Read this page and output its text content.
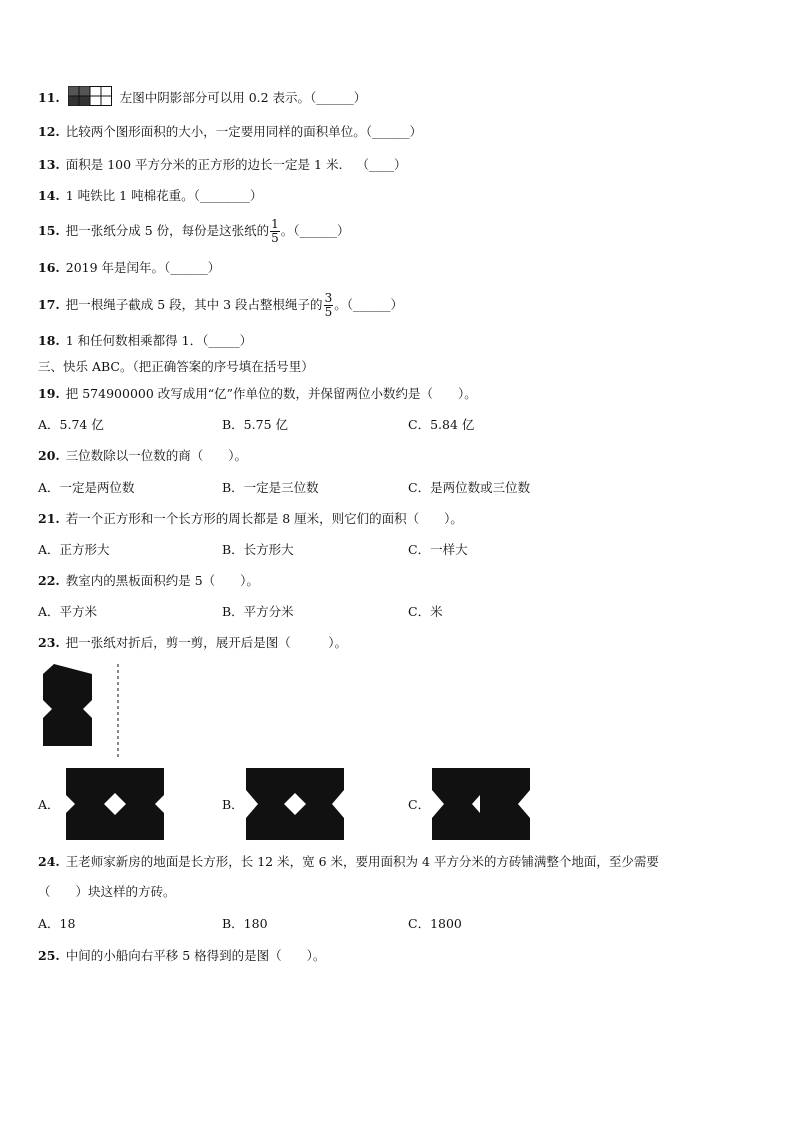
11.	左图中阴影部分可以用 0.2 表示。（______）
12. 比较两个图形面积的大小，一定要用同样的面积单位。（______）
13. 面积是 100 平方分米的正方形的边长一定是 1 米. （____）
14. 1 吨铁比 1 吨棉花重。（________）
15. 把一张纸分成 5 份，每份是这张纸的 $\frac{1}{5}$ 。（______）
16. 2019 年是闰年。（______）
17. 把一根绳子截成 5 段，其中 3 段占整根绳子的 $\frac{3}{5}$ 。（______）
18. 1 和任何数相乘都得 1．（_____）
三、快乐 ABC。（把正确答案的序号填在括号里）
19. 把 574900000 改写成用“亿”作单位的数，并保留两位小数约是（　　）。
A．5.74 亿	B．5.75 亿	C．5.84 亿
20. 三位数除以一位数的商（　　）。
A．一定是两位数	B．一定是三位数	C．是两位数或三位数
21. 若一个正方形和一个长方形的周长都是 8 厘米，则它们的面积（　　）。
A．正方形大	B．长方形大	C．一样大
22. 教室内的黑板面积约是 5（　　）。
A．平方米	B．平方分米	C．米
23. 把一张纸对折后，剪一剪，展开后是图（　　　）。
A．	B．	C．
24. 王老师家新房的地面是长方形，长 12 米，宽 6 米，要用面积为 4 平方分米的方砖铺满整个地面，至少需要
（　　）块这样的方砖。
A．18	B．180	C．1800
25. 中间的小船向右平移 5 格得到的是图（　　）。
